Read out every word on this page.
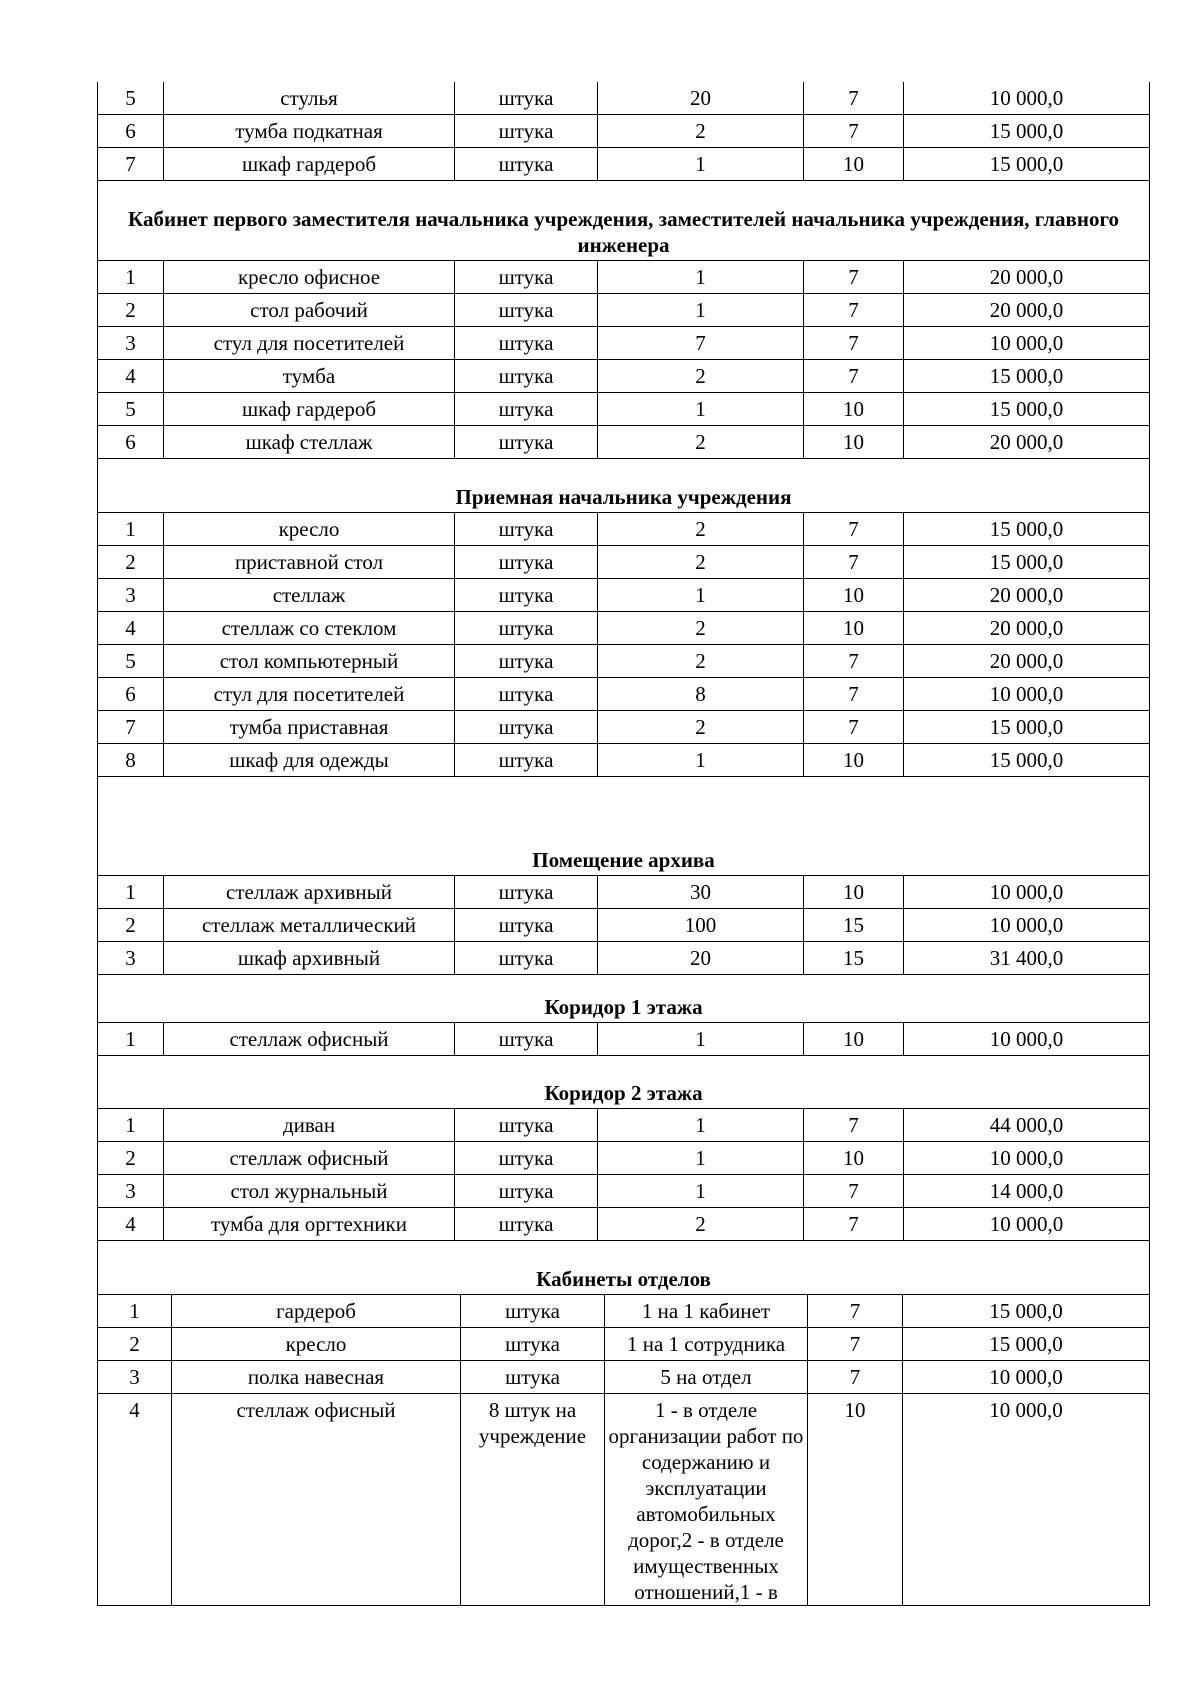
5	стулья	штука	20	7	10 000,0
6	тумба подкатная	штука	2	7	15 000,0
7	шкаф гардероб	штука	1	10	15 000,0
Кабинет первого заместителя начальника учреждения, заместителей начальника учреждения, главного инженера					
1	кресло офисное	штука	1	7	20 000,0
2	стол рабочий	штука	1	7	20 000,0
3	стул для посетителей	штука	7	7	10 000,0
4	тумба	штука	2	7	15 000,0
5	шкаф гардероб	штука	1	10	15 000,0
6	шкаф стеллаж	штука	2	10	20 000,0
Приемная начальника учреждения					
1	кресло	штука	2	7	15 000,0
2	приставной стол	штука	2	7	15 000,0
3	стеллаж	штука	1	10	20 000,0
4	стеллаж со стеклом	штука	2	10	20 000,0
5	стол компьютерный	штука	2	7	20 000,0
6	стул для посетителей	штука	8	7	10 000,0
7	тумба приставная	штука	2	7	15 000,0
8	шкаф для одежды	штука	1	10	15 000,0
Помещение архива					
1	стеллаж архивный	штука	30	10	10 000,0
2	стеллаж металлический	штука	100	15	10 000,0
3	шкаф архивный	штука	20	15	31 400,0
Коридор 1 этажа
1	стеллаж офисный	штука	1	10	10 000,0
Коридор 2 этажа					
1	диван	штука	1	7	44 000,0
2	стеллаж офисный	штука	1	10	10 000,0
3	стол журнальный	штука	1	7	14 000,0
4	тумба для оргтехники	штука	2	7	10 000,0
Кабинеты отделов					
1	гардероб	штука	1 на 1 кабинет	7	15 000,0
2	кресло	штука	1 на 1 сотрудника	7	15 000,0
3	полка навесная	штука	5 на отдел	7	10 000,0
4	стеллаж офисный	8 штук на учреждение	1 - в отделе организации работ по содержанию и эксплуатации автомобильных дорог,2 - в отделе имущественных отношений,1 - в	10	10 000,0
